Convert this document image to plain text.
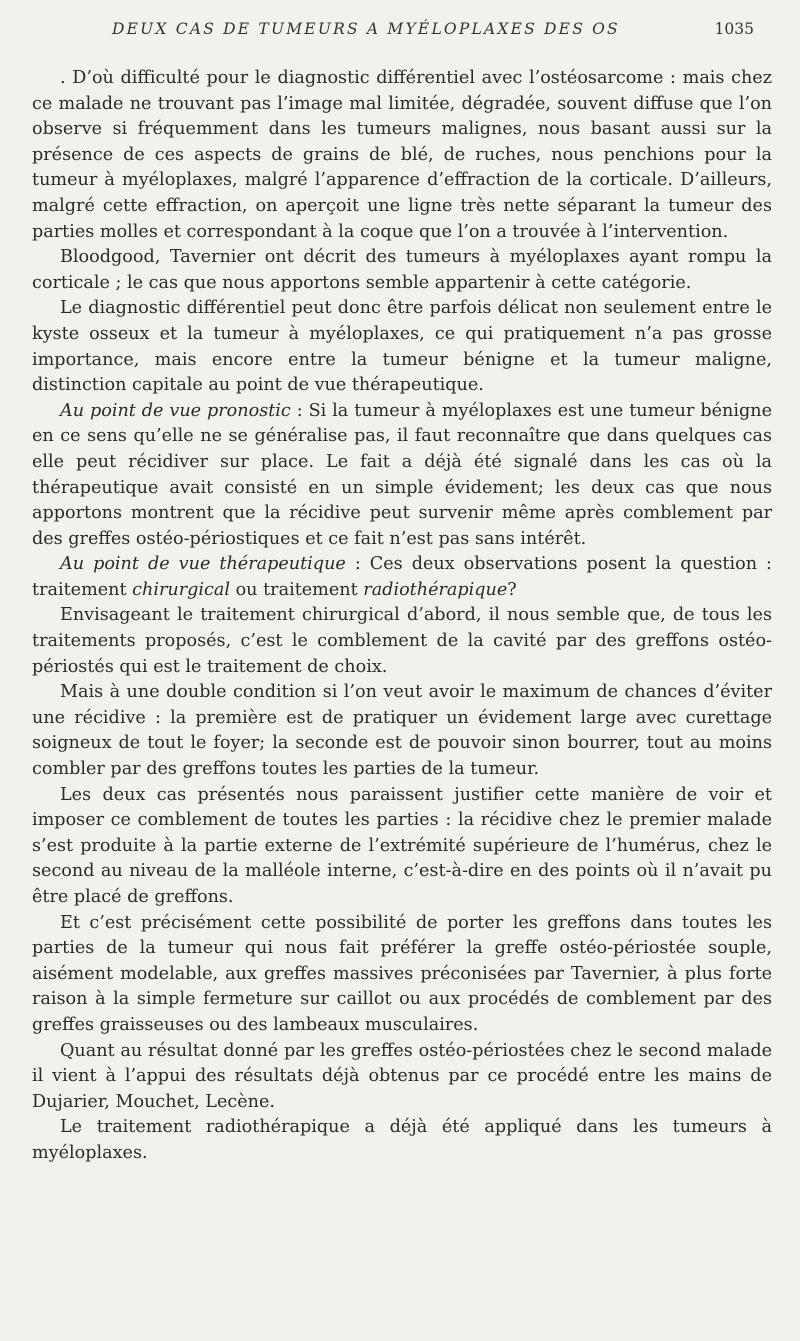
DEUX CAS DE TUMEURS A MYÉLOPLAXES DES OS	1035

. D’où difficulté pour le diagnostic différentiel avec l’ostéosarcome : mais chez ce malade ne trouvant pas l’image mal limitée, dégradée, souvent diffuse que l’on observe si fréquemment dans les tumeurs malignes, nous basant aussi sur la présence de ces aspects de grains de blé, de ruches, nous penchions pour la tumeur à myéloplaxes, malgré l’apparence d’effraction de la corticale. D’ailleurs, malgré cette effraction, on aperçoit une ligne très nette séparant la tumeur des parties molles et correspondant à la coque que l’on a trouvée à l’intervention.

Bloodgood, Tavernier ont décrit des tumeurs à myéloplaxes ayant rompu la corticale ; le cas que nous apportons semble appartenir à cette catégorie.

Le diagnostic différentiel peut donc être parfois délicat non seulement entre le kyste osseux et la tumeur à myéloplaxes, ce qui pratiquement n’a pas grosse importance, mais encore entre la tumeur bénigne et la tumeur maligne, distinction capitale au point de vue thérapeutique.

Au point de vue pronostic : Si la tumeur à myéloplaxes est une tumeur bénigne en ce sens qu’elle ne se généralise pas, il faut reconnaître que dans quelques cas elle peut récidiver sur place. Le fait a déjà été signalé dans les cas où la thérapeutique avait consisté en un simple évidement; les deux cas que nous apportons montrent que la récidive peut survenir même après comblement par des greffes ostéo-périostiques et ce fait n’est pas sans intérêt.

Au point de vue thérapeutique : Ces deux observations posent la question : traitement chirurgical ou traitement radiothérapique?

Envisageant le traitement chirurgical d’abord, il nous semble que, de tous les traitements proposés, c’est le comblement de la cavité par des greffons ostéo-périostés qui est le traitement de choix.

Mais à une double condition si l’on veut avoir le maximum de chances d’éviter une récidive : la première est de pratiquer un évidement large avec curettage soigneux de tout le foyer; la seconde est de pouvoir sinon bourrer, tout au moins combler par des greffons toutes les parties de la tumeur.

Les deux cas présentés nous paraissent justifier cette manière de voir et imposer ce comblement de toutes les parties : la récidive chez le premier malade s’est produite à la partie externe de l’extrémité supérieure de l’humérus, chez le second au niveau de la malléole interne, c’est-à-dire en des points où il n’avait pu être placé de greffons.

Et c’est précisément cette possibilité de porter les greffons dans toutes les parties de la tumeur qui nous fait préférer la greffe ostéo-périostée souple, aisément modelable, aux greffes massives préconisées par Tavernier, à plus forte raison à la simple fermeture sur caillot ou aux procédés de comblement par des greffes graisseuses ou des lambeaux musculaires.

Quant au résultat donné par les greffes ostéo-périostées chez le second malade il vient à l’appui des résultats déjà obtenus par ce procédé entre les mains de Dujarier, Mouchet, Lecène.

Le traitement radiothérapique a déjà été appliqué dans les tumeurs à myéloplaxes.
